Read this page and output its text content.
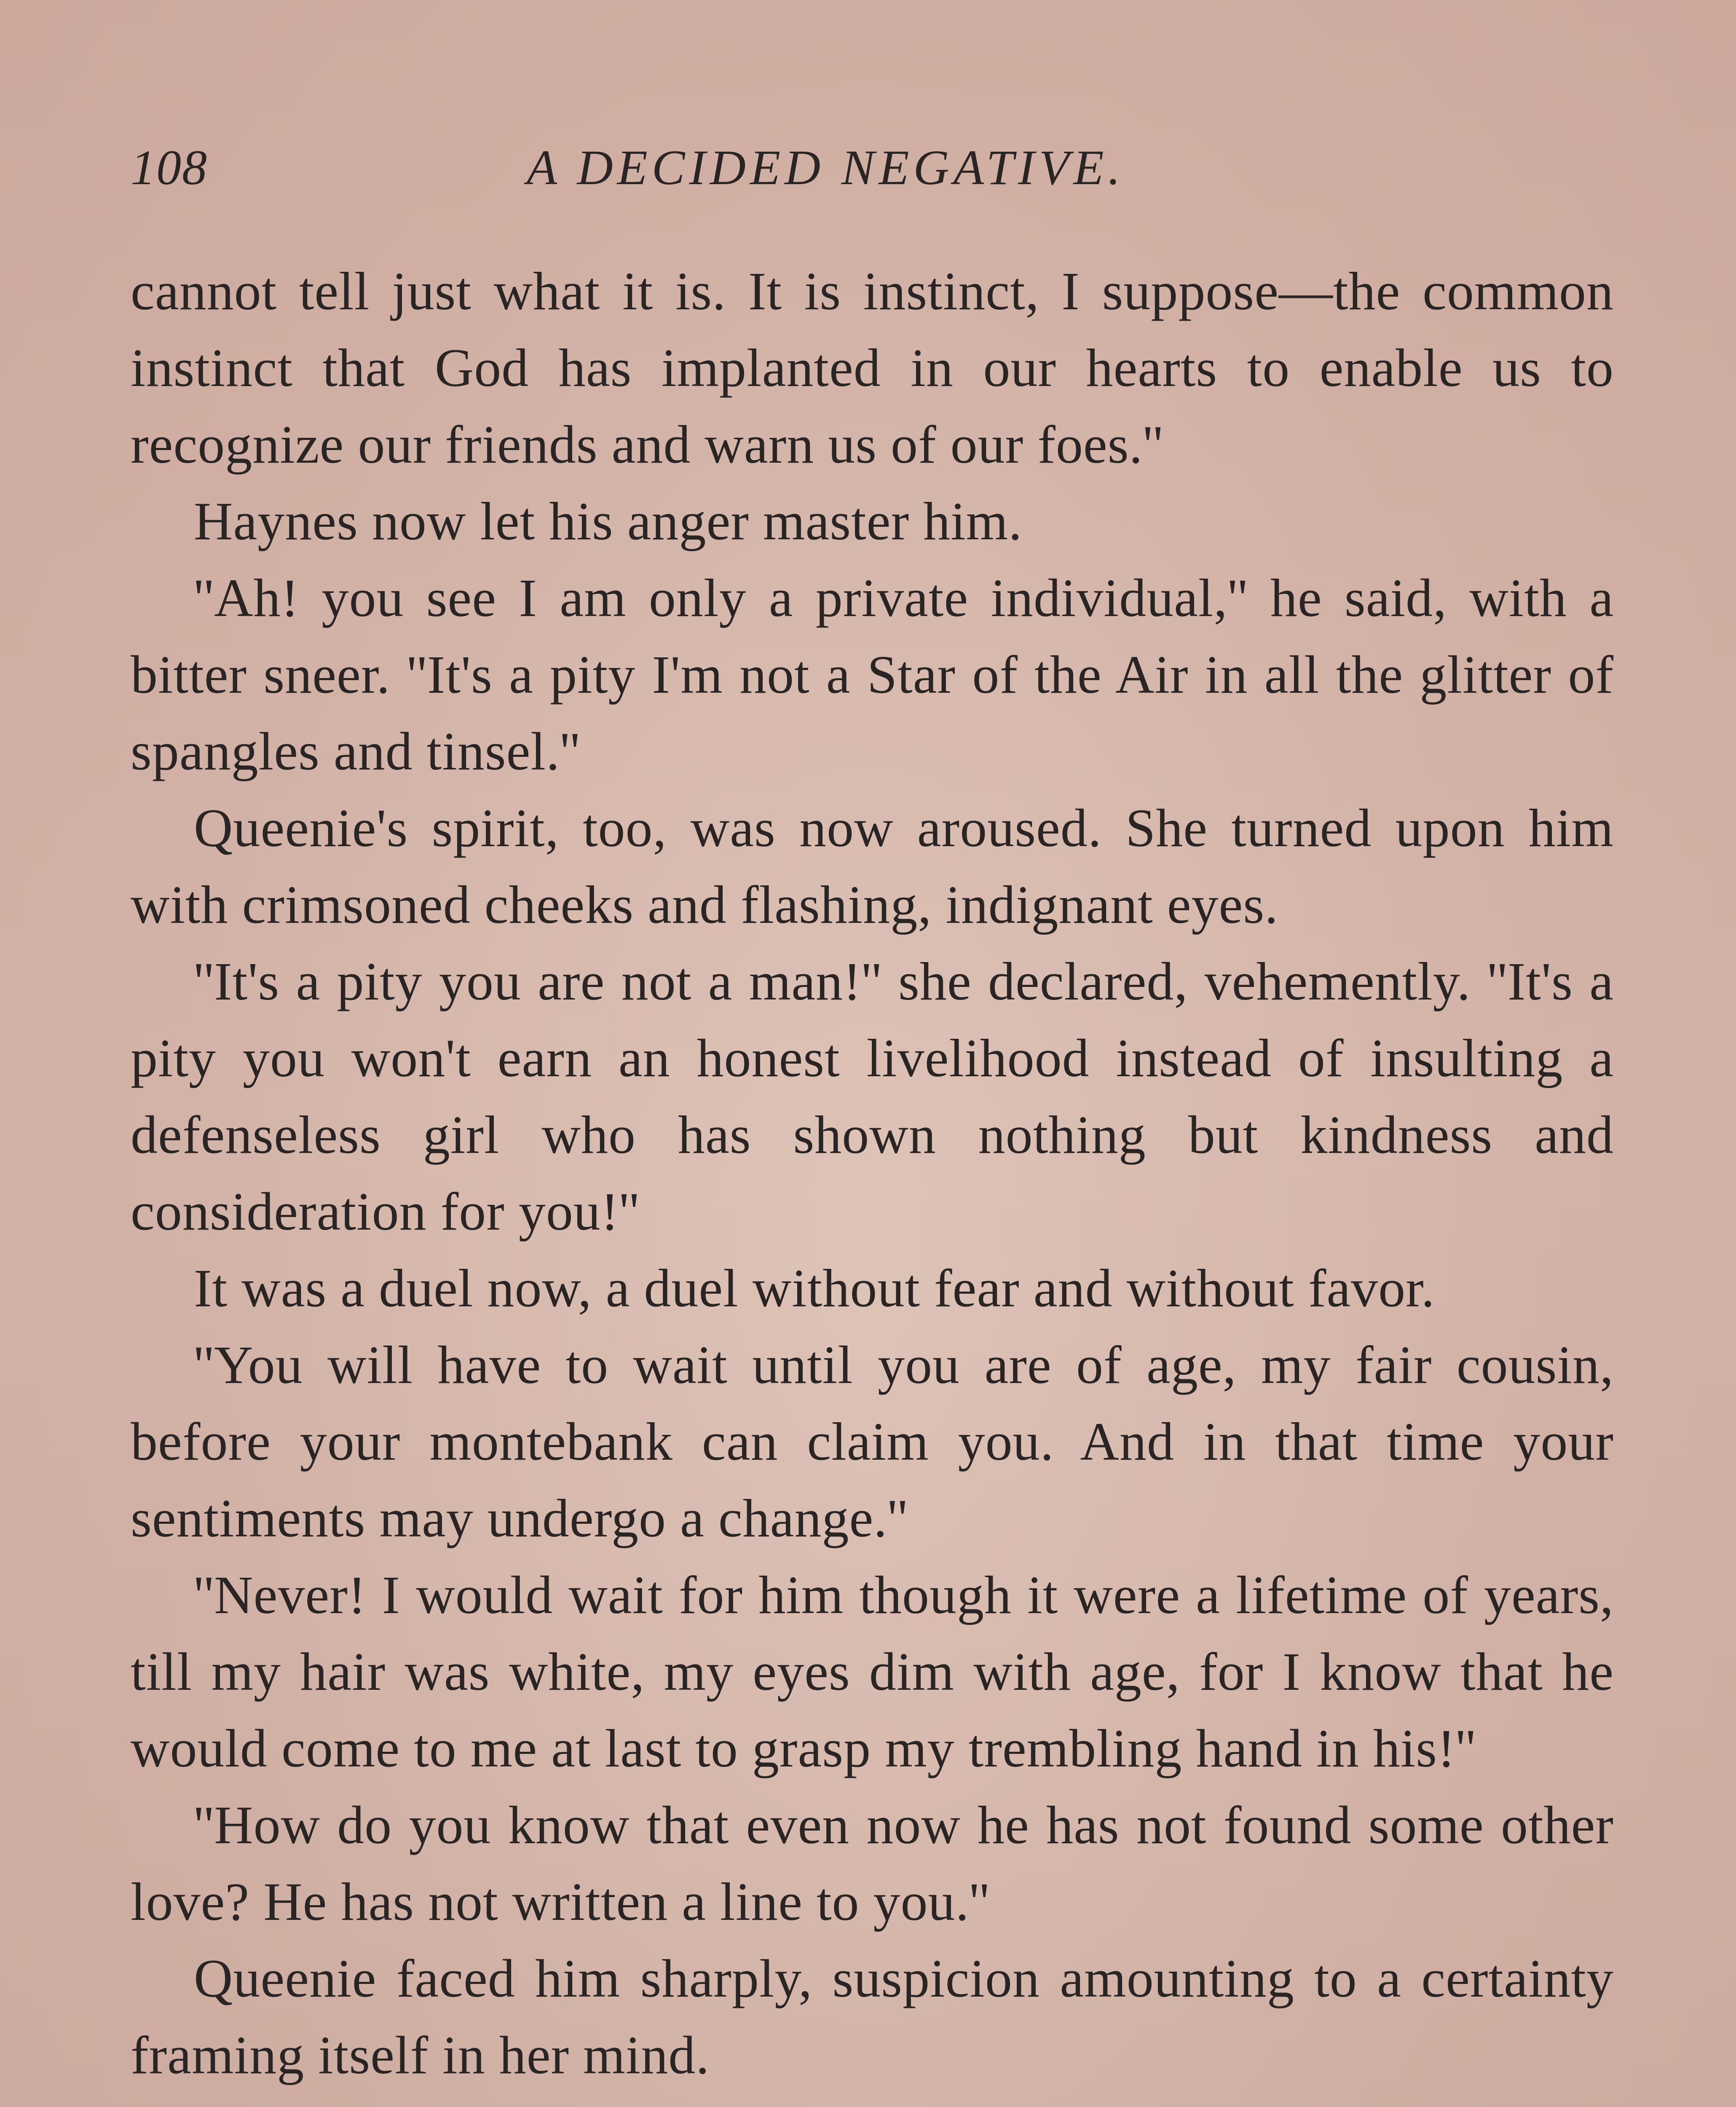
108	A DECIDED NEGATIVE.

cannot tell just what it is. It is instinct, I suppose—the common instinct that God has implanted in our hearts to enable us to recognize our friends and warn us of our foes.''

Haynes now let his anger master him.

''Ah! you see I am only a private individual,'' he said, with a bitter sneer. ''It's a pity I'm not a Star of the Air in all the glitter of spangles and tinsel.''

Queenie's spirit, too, was now aroused. She turned upon him with crimsoned cheeks and flashing, indignant eyes.

''It's a pity you are not a man!'' she declared, vehemently. ''It's a pity you won't earn an honest livelihood instead of insulting a defenseless girl who has shown nothing but kindness and consideration for you!''

It was a duel now, a duel without fear and without favor.

''You will have to wait until you are of age, my fair cousin, before your montebank can claim you. And in that time your sentiments may undergo a change.''

''Never! I would wait for him though it were a lifetime of years, till my hair was white, my eyes dim with age, for I know that he would come to me at last to grasp my trembling hand in his!''

''How do you know that even now he has not found some other love? He has not written a line to you.''

Queenie faced him sharply, suspicion amounting to a certainty framing itself in her mind.
